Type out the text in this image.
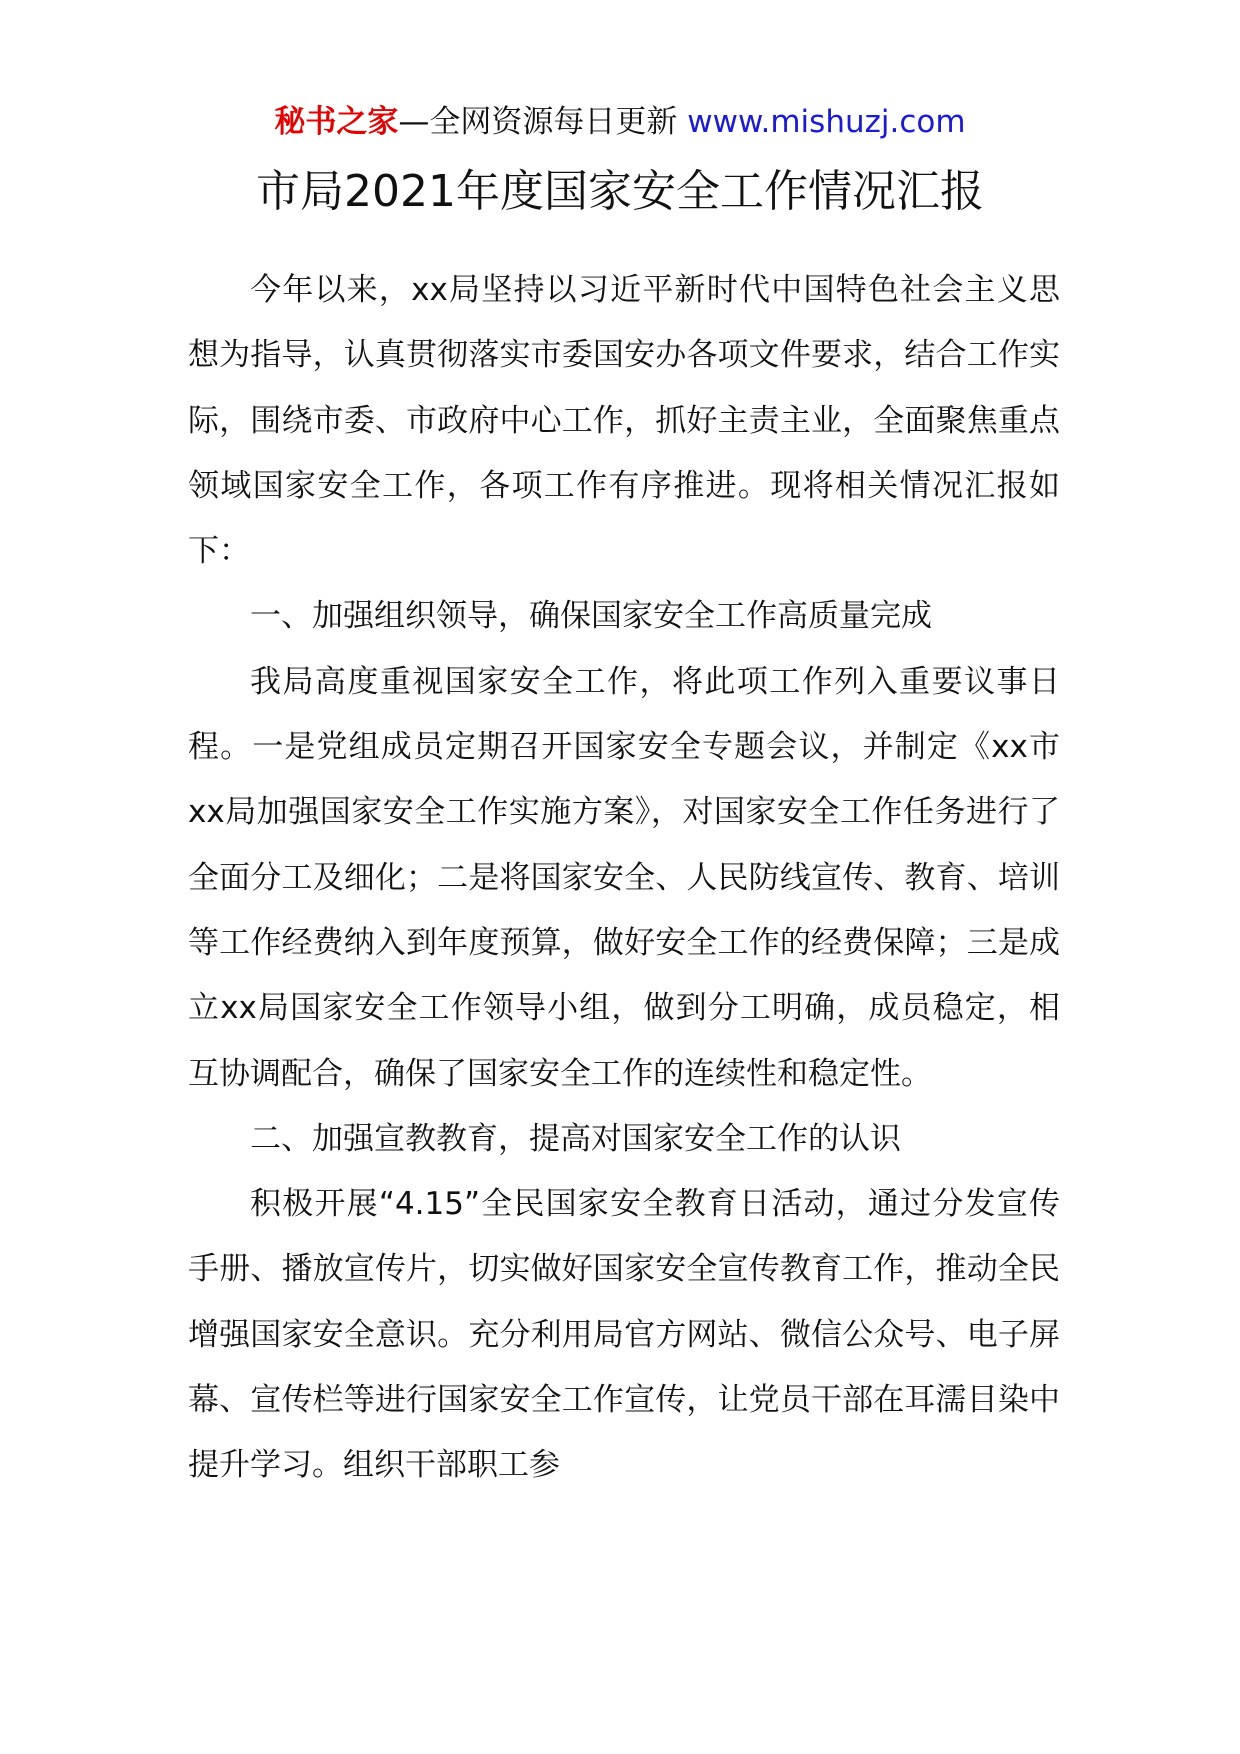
秘书之家—全网资源每日更新 www.mishuzj.com
市局2021年度国家安全工作情况汇报

今年以来，xx局坚持以习近平新时代中国特色社会主义思想为指导，认真贯彻落实市委国安办各项文件要求，结合工作实际，围绕市委、市政府中心工作，抓好主责主业，全面聚焦重点领域国家安全工作，各项工作有序推进。现将相关情况汇报如下：

一、加强组织领导，确保国家安全工作高质量完成

我局高度重视国家安全工作，将此项工作列入重要议事日程。一是党组成员定期召开国家安全专题会议，并制定《xx市xx局加强国家安全工作实施方案》，对国家安全工作任务进行了全面分工及细化；二是将国家安全、人民防线宣传、教育、培训等工作经费纳入到年度预算，做好安全工作的经费保障；三是成立xx局国家安全工作领导小组，做到分工明确，成员稳定，相互协调配合，确保了国家安全工作的连续性和稳定性。

二、加强宣教教育，提高对国家安全工作的认识

积极开展“4.15”全民国家安全教育日活动，通过分发宣传手册、播放宣传片，切实做好国家安全宣传教育工作，推动全民增强国家安全意识。充分利用局官方网站、微信公众号、电子屏幕、宣传栏等进行国家安全工作宣传，让党员干部在耳濡目染中提升学习。组织干部职工参
